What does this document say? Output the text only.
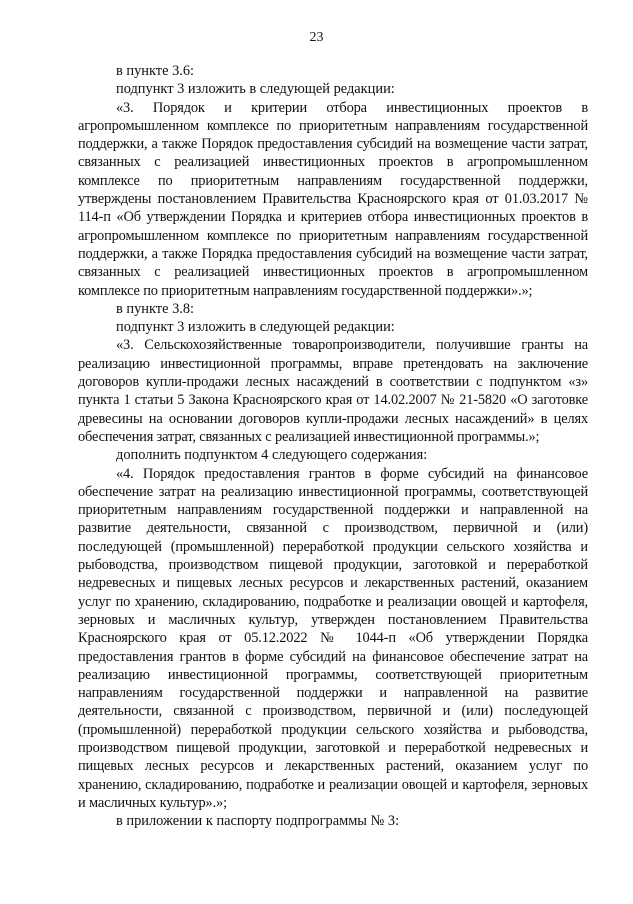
23

в пункте 3.6:

подпункт 3 изложить в следующей редакции:

«3. Порядок и критерии отбора инвестиционных проектов в агропромышленном комплексе по приоритетным направлениям государственной поддержки, а также Порядок предоставления субсидий на возмещение части затрат, связанных с реализацией инвестиционных проектов в агропромышленном комплексе по приоритетным направлениям государственной поддержки, утверждены постановлением Правительства Красноярского края от 01.03.2017 № 114-п «Об утверждении Порядка и критериев отбора инвестиционных проектов в агропромышленном комплексе по приоритетным направлениям государственной поддержки, а также Порядка предоставления субсидий на возмещение части затрат, связанных с реализацией инвестиционных проектов в агропромышленном комплексе по приоритетным направлениям государственной поддержки».»;

в пункте 3.8:

подпункт 3 изложить в следующей редакции:

«3. Сельскохозяйственные товаропроизводители, получившие гранты на реализацию инвестиционной программы, вправе претендовать на заключение договоров купли-продажи лесных насаждений в соответствии с подпунктом «з» пункта 1 статьи 5 Закона Красноярского края от 14.02.2007 № 21-5820 «О заготовке древесины на основании договоров купли-продажи лесных насаждений» в целях обеспечения затрат, связанных с реализацией инвестиционной программы.»;

дополнить подпунктом 4 следующего содержания:

«4. Порядок предоставления грантов в форме субсидий на финансовое обеспечение затрат на реализацию инвестиционной программы, соответствующей приоритетным направлениям государственной поддержки и направленной на развитие деятельности, связанной с производством, первичной и (или) последующей (промышленной) переработкой продукции сельского хозяйства и рыбоводства, производством пищевой продукции, заготовкой и переработкой недревесных и пищевых лесных ресурсов и лекарственных растений, оказанием услуг по хранению, складированию, подработке и реализации овощей и картофеля, зерновых и масличных культур, утвержден постановлением Правительства Красноярского края от 05.12.2022 № 1044-п «Об утверждении Порядка предоставления грантов в форме субсидий на финансовое обеспечение затрат на реализацию инвестиционной программы, соответствующей приоритетным направлениям государственной поддержки и направленной на развитие деятельности, связанной с производством, первичной и (или) последующей (промышленной) переработкой продукции сельского хозяйства и рыбоводства, производством пищевой продукции, заготовкой и переработкой недревесных и пищевых лесных ресурсов и лекарственных растений, оказанием услуг по хранению, складированию, подработке и реализации овощей и картофеля, зерновых и масличных культур».»;

в приложении к паспорту подпрограммы № 3:
